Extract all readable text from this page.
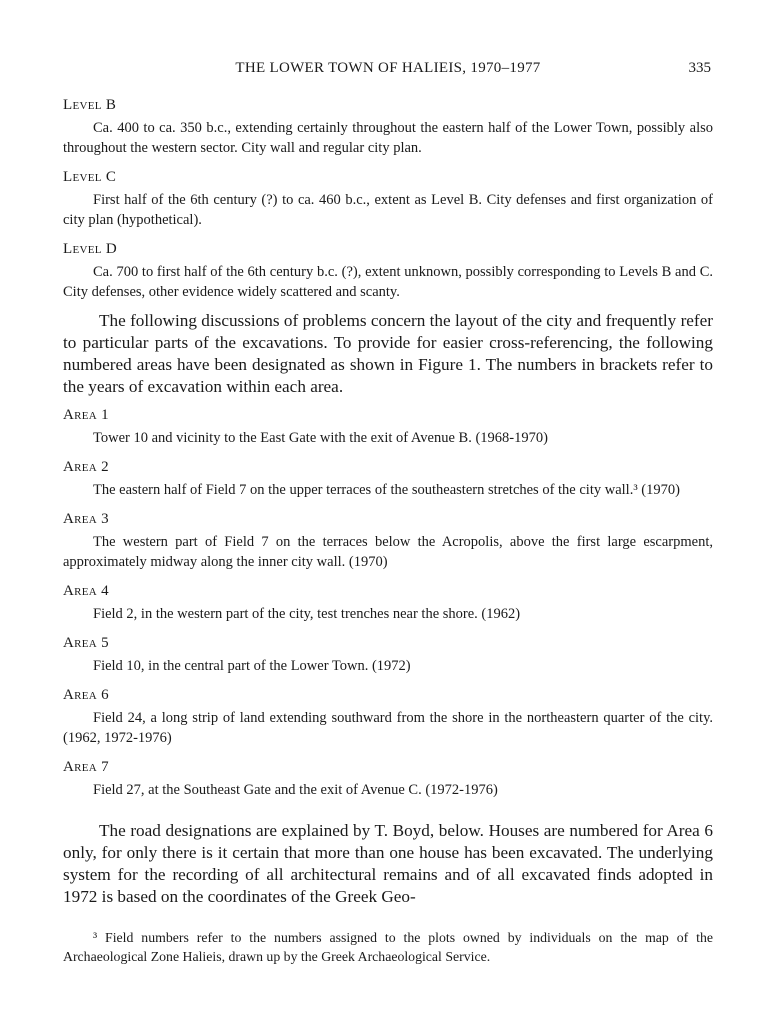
THE LOWER TOWN OF HALIEIS, 1970–1977	335
Level B

Ca. 400 to ca. 350 b.c., extending certainly throughout the eastern half of the Lower Town, possibly also throughout the western sector. City wall and regular city plan.

Level C

First half of the 6th century (?) to ca. 460 b.c., extent as Level B. City defenses and first organization of city plan (hypothetical).

Level D

Ca. 700 to first half of the 6th century b.c. (?), extent unknown, possibly corresponding to Levels B and C. City defenses, other evidence widely scattered and scanty.

The following discussions of problems concern the layout of the city and frequently refer to particular parts of the excavations. To provide for easier cross-referencing, the following numbered areas have been designated as shown in Figure 1. The numbers in brackets refer to the years of excavation within each area.

Area 1

Tower 10 and vicinity to the East Gate with the exit of Avenue B. (1968-1970)

Area 2

The eastern half of Field 7 on the upper terraces of the southeastern stretches of the city wall.³ (1970)

Area 3

The western part of Field 7 on the terraces below the Acropolis, above the first large escarpment, approximately midway along the inner city wall. (1970)

Area 4

Field 2, in the western part of the city, test trenches near the shore. (1962)

Area 5

Field 10, in the central part of the Lower Town. (1972)

Area 6

Field 24, a long strip of land extending southward from the shore in the northeastern quarter of the city. (1962, 1972-1976)

Area 7

Field 27, at the Southeast Gate and the exit of Avenue C. (1972-1976)

The road designations are explained by T. Boyd, below. Houses are numbered for Area 6 only, for only there is it certain that more than one house has been excavated. The underlying system for the recording of all architectural remains and of all excavated finds adopted in 1972 is based on the coordinates of the Greek Geo-

³ Field numbers refer to the numbers assigned to the plots owned by individuals on the map of the Archaeological Zone Halieis, drawn up by the Greek Archaeological Service.
